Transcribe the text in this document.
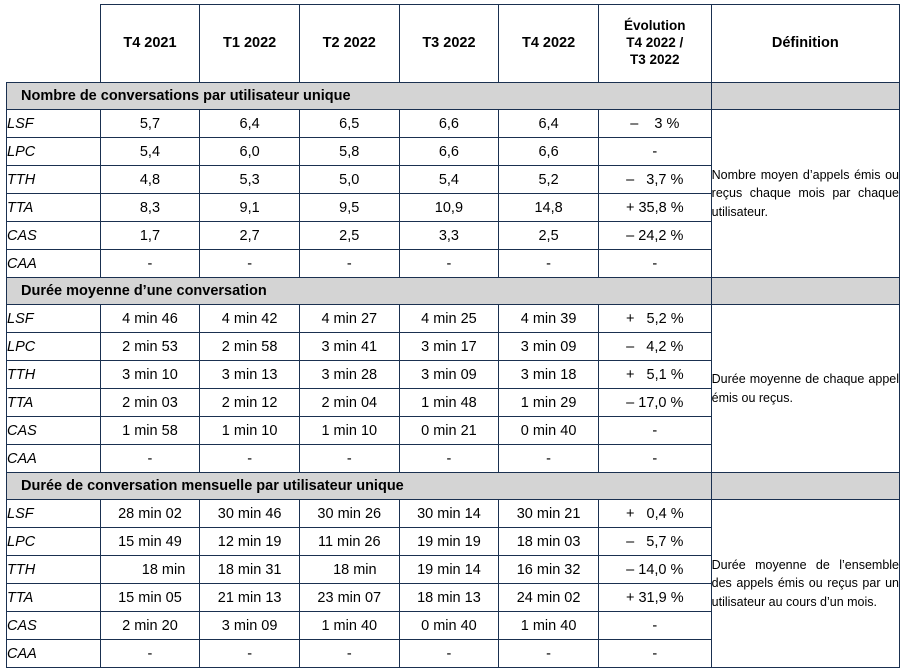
	T4 2021	T1 2022	T2 2022	T3 2022	T4 2022	Évolution
T4 2022 /
T3 2022	Définition
Nombre de conversations par utilisateur unique							
LSF	5,7	6,4	6,5	6,6	6,4	–    3 %	Nombre moyen d’appels émis ou reçus chaque mois par chaque utilisateur.
LPC	5,4	6,0	5,8	6,6	6,6	-	
TTH	4,8	5,3	5,0	5,4	5,2	–   3,7 %	
TTA	8,3	9,1	9,5	10,9	14,8	+ 35,8 %	
CAS	1,7	2,7	2,5	3,3	2,5	– 24,2 %	
CAA	-	-	-	-	-	-	
Durée moyenne d’une conversation							
LSF	4 min 46	4 min 42	4 min 27	4 min 25	4 min 39	+   5,2 %	Durée moyenne de chaque appel émis ou reçus.
LPC	2 min 53	2 min 58	3 min 41	3 min 17	3 min 09	–   4,2 %	
TTH	3 min 10	3 min 13	3 min 28	3 min 09	3 min 18	+   5,1 %	
TTA	2 min 03	2 min 12	2 min 04	1 min 48	1 min 29	– 17,0 %	
CAS	1 min 58	1 min 10	1 min 10	0 min 21	0 min 40	-	
CAA	-	-	-	-	-	-	
Durée de conversation mensuelle par utilisateur unique							
LSF	28 min 02	30 min 46	30 min 26	30 min 14	30 min 21	+   0,4 %	Durée moyenne de l’ensemble des appels émis ou reçus par un utilisateur au cours d’un mois.
LPC	15 min 49	12 min 19	11 min 26	19 min 19	18 min 03	–   5,7 %	
TTH	18 min	18 min 31	18 min	19 min 14	16 min 32	– 14,0 %	
TTA	15 min 05	21 min 13	23 min 07	18 min 13	24 min 02	+ 31,9 %	
CAS	2 min 20	3 min 09	1 min 40	0 min 40	1 min 40	-	
CAA	-	-	-	-	-	-	
